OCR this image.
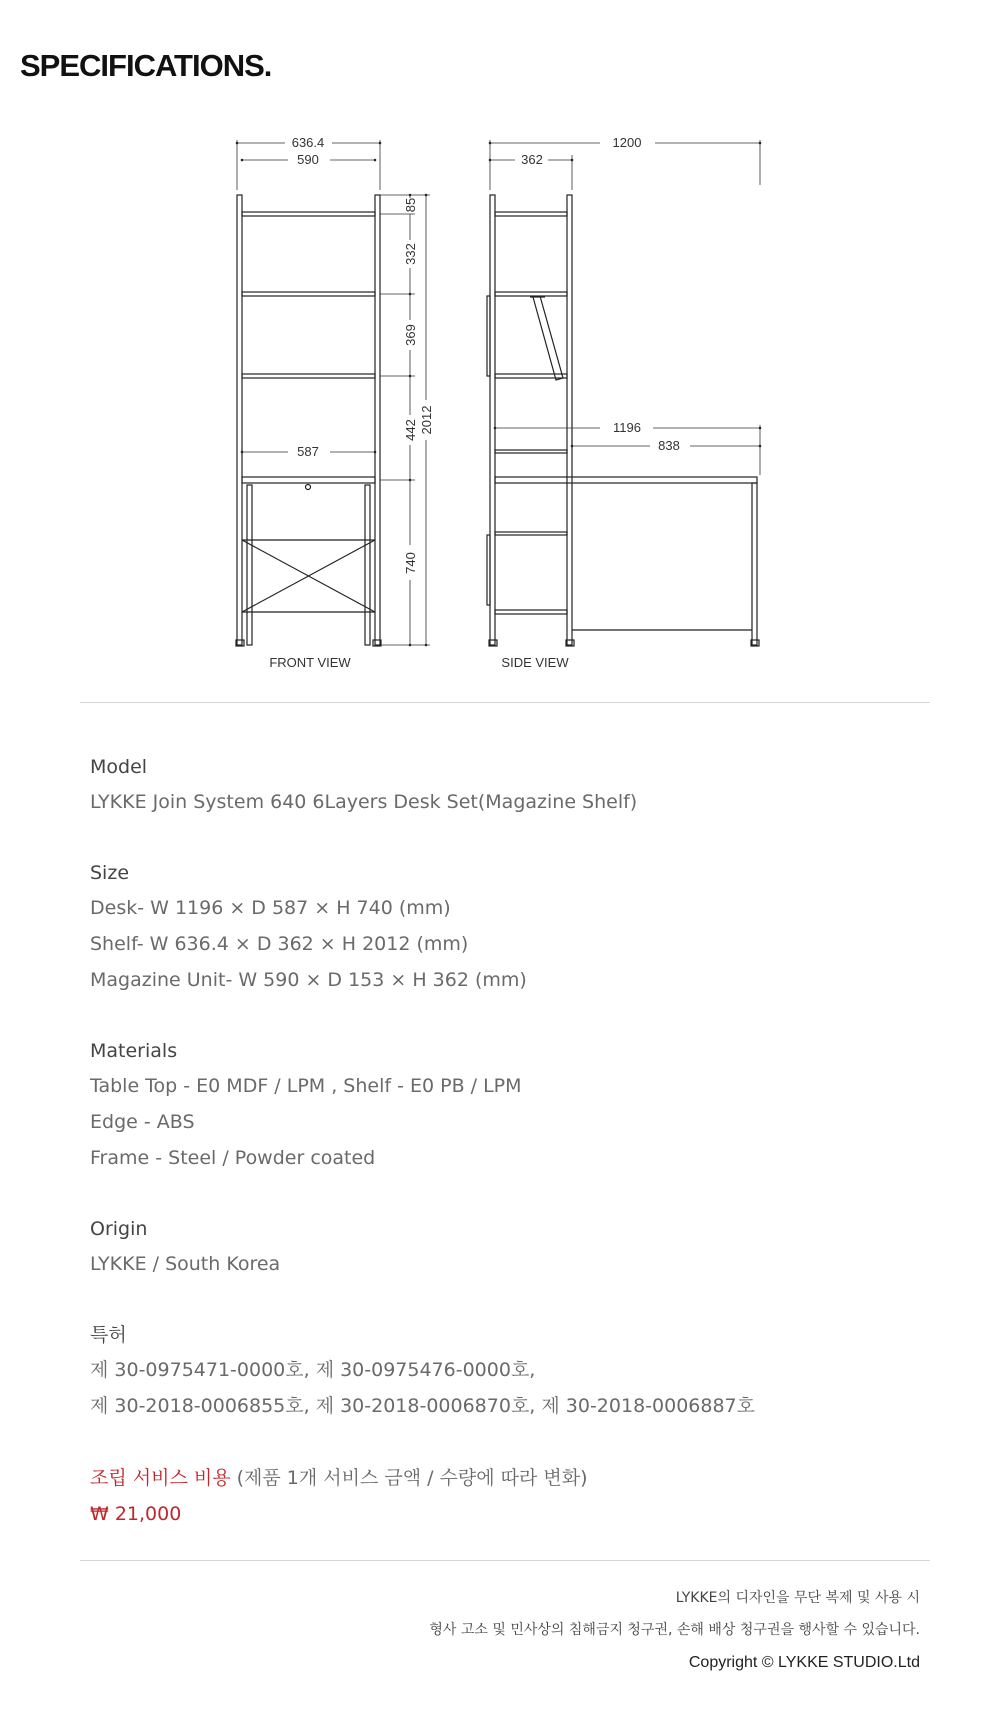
SPECIFICATIONS.
636.4
590
587
85
332
369
442
740
2012
FRONT VIEW
1200
362
1196
838
SIDE VIEW
Model
LYKKE Join System 640 6Layers Desk Set(Magazine Shelf)
Size
Desk- W 1196 × D 587 × H 740 (mm)
Shelf- W 636.4 × D 362 × H 2012 (mm)
Magazine Unit- W 590 × D 153 × H 362 (mm)
Materials
Table Top - E0 MDF / LPM , Shelf - E0 PB / LPM
Edge - ABS
Frame - Steel / Powder coated
Origin
LYKKE / South Korea
특허
제 30-0975471-0000호, 제 30-0975476-0000호,
제 30-2018-0006855호, 제 30-2018-0006870호, 제 30-2018-0006887호
조립 서비스 비용 (제품 1개 서비스 금액 / 수량에 따라 변화)
₩ 21,000
LYKKE의 디자인을 무단 복제 및 사용 시
형사 고소 및 민사상의 침해금지 청구권, 손해 배상 청구권을 행사할 수 있습니다.
Copyright © LYKKE STUDIO.Ltd
